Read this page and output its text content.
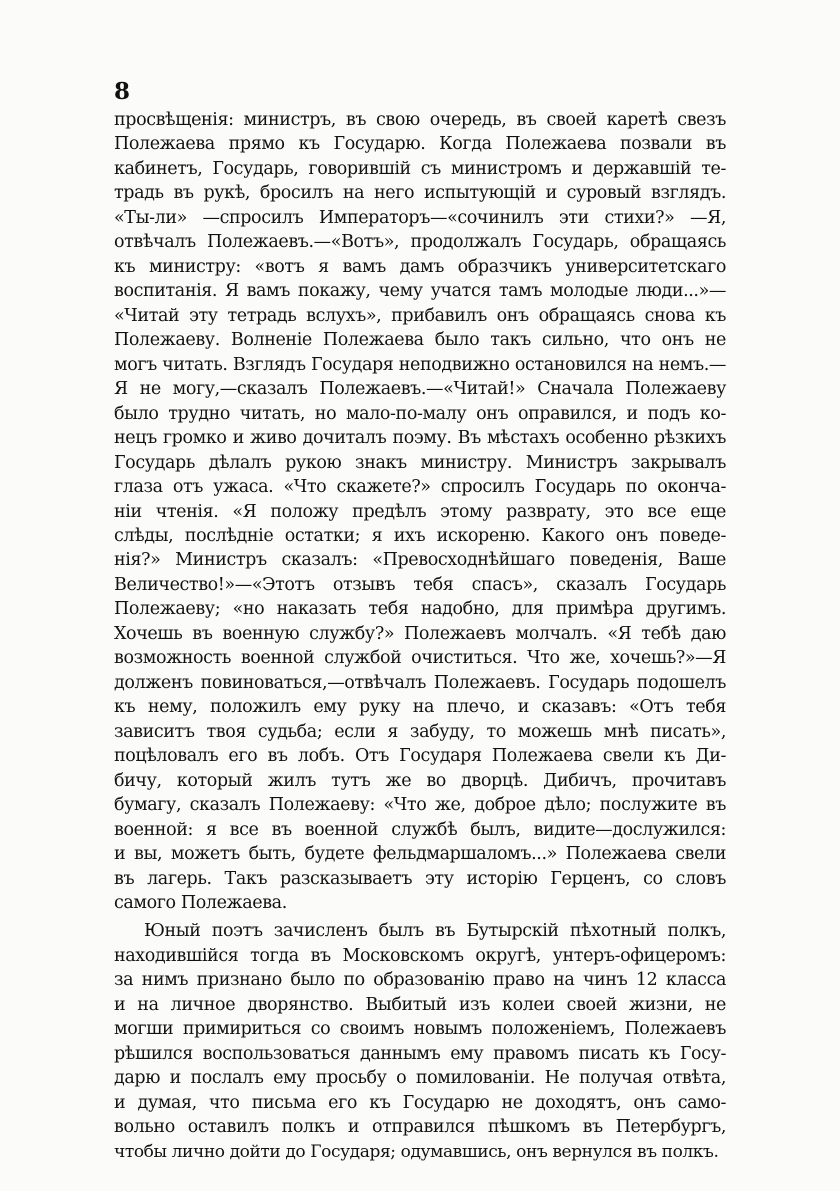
8
просвѣщенія: министръ, въ свою очередь, въ своей каретѣ свезъ
Полежаева прямо къ Государю. Когда Полежаева позвали въ
кабинетъ, Государь, говорившій съ министромъ и державшій те-
традь въ рукѣ, бросилъ на него испытующій и суровый взглядъ.
«Ты-ли» —спросилъ Императоръ—«сочинилъ эти стихи?» —Я,
отвѣчалъ Полежаевъ.—«Вотъ», продолжалъ Государь, обращаясь
къ министру: «вотъ я вамъ дамъ образчикъ университетскаго
воспитанія. Я вамъ покажу, чему учатся тамъ молодые люди...»—
«Читай эту тетрадь вслухъ», прибавилъ онъ обращаясь снова къ
Полежаеву. Волненіе Полежаева было такъ сильно, что онъ не
могъ читать. Взглядъ Государя неподвижно остановился на немъ.—
Я не могу,—сказалъ Полежаевъ.—«Читай!» Сначала Полежаеву
было трудно читать, но мало-по-малу онъ оправился, и подъ ко-
нецъ громко и живо дочиталъ поэму. Въ мѣстахъ особенно рѣзкихъ
Государь дѣлалъ рукою знакъ министру. Министръ закрывалъ
глаза отъ ужаса. «Что скажете?» спросилъ Государь по оконча-
ніи чтенія. «Я положу предѣлъ этому разврату, это все еще
слѣды, послѣдніе остатки; я ихъ искореню. Какого онъ поведе-
нія?» Министръ сказалъ: «Превосходнѣйшаго поведенія, Ваше
Величество!»—«Этотъ отзывъ тебя спасъ», сказалъ Государь
Полежаеву; «но наказать тебя надобно, для примѣра другимъ.
Хочешь въ военную службу?» Полежаевъ молчалъ. «Я тебѣ даю
возможность военной службой очиститься. Что же, хочешь?»—Я
долженъ повиноваться,—отвѣчалъ Полежаевъ. Государь подошелъ
къ нему, положилъ ему руку на плечо, и сказавъ: «Отъ тебя
зависитъ твоя судьба; если я забуду, то можешь мнѣ писать»,
поцѣловалъ его въ лобъ. Отъ Государя Полежаева свели къ Ди-
бичу, который жилъ тутъ же во дворцѣ. Дибичъ, прочитавъ
бумагу, сказалъ Полежаеву: «Что же, доброе дѣло; послужите въ
военной: я все въ военной службѣ былъ, видите—дослужился:
и вы, можетъ быть, будете фельдмаршаломъ...» Полежаева свели
въ лагерь. Такъ разсказываетъ эту исторію Герценъ, со словъ
самого Полежаева.
Юный поэтъ зачисленъ былъ въ Бутырскій пѣхотный полкъ,
находившійся тогда въ Московскомъ округѣ, унтеръ-офицеромъ:
за нимъ признано было по образованію право на чинъ 12 класса
и на личное дворянство. Выбитый изъ колеи своей жизни, не
могши примириться со своимъ новымъ положеніемъ, Полежаевъ
рѣшился воспользоваться даннымъ ему правомъ писать къ Госу-
дарю и послалъ ему просьбу о помилованіи. Не получая отвѣта,
и думая, что письма его къ Государю не доходятъ, онъ само-
вольно оставилъ полкъ и отправился пѣшкомъ въ Петербургъ,
чтобы лично дойти до Государя; одумавшись, онъ вернулся въ полкъ.
